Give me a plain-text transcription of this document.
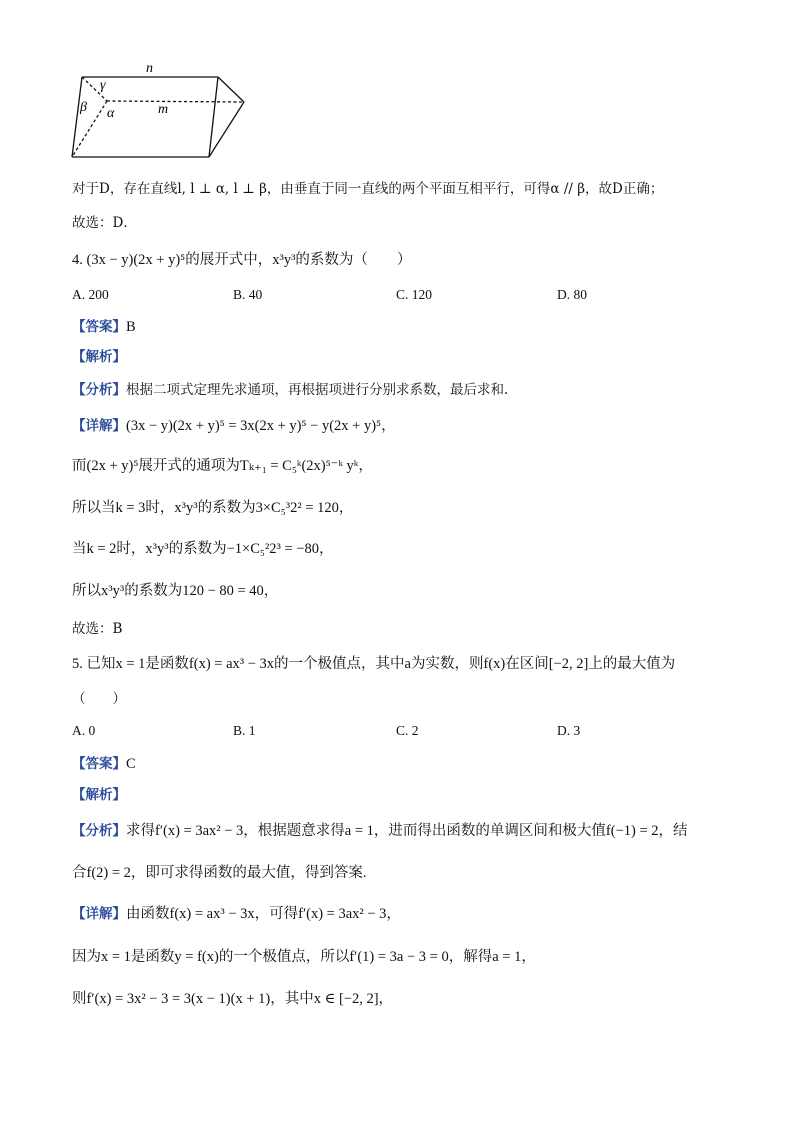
n
γ
β α	m
对于D，存在直线l, l ⊥ α, l ⊥ β，由垂直于同一直线的两个平面互相平行，可得α // β，故D正确；
故选：D．
4. (3x − y)(2x + y)⁵的展开式中，x³y³的系数为（　　）
A. 200	B. 40	C. 120	D. 80
【答案】B
【解析】
【分析】根据二项式定理先求通项，再根据项进行分别求系数，最后求和.
【详解】(3x − y)(2x + y)⁵ = 3x(2x + y)⁵ − y(2x + y)⁵，
而(2x + y)⁵展开式的通项为Tₖ₊₁ = C₅ᵏ(2x)⁵⁻ᵏ yᵏ，
所以当k = 3时，x³y³的系数为3×C₅³2² = 120，
当k = 2时，x³y³的系数为−1×C₅²2³ = −80，
所以x³y³的系数为120 − 80 = 40，
故选：B
5. 已知x = 1是函数f(x) = ax³ − 3x的一个极值点，其中a为实数，则f(x)在区间[−2, 2]上的最大值为
（　　）
A. 0	B. 1	C. 2	D. 3
【答案】C
【解析】
【分析】求得f′(x) = 3ax² − 3，根据题意求得a = 1，进而得出函数的单调区间和极大值f(−1) = 2，结
合f(2) = 2，即可求得函数的最大值，得到答案.
【详解】由函数f(x) = ax³ − 3x，可得f′(x) = 3ax² − 3，
因为x = 1是函数y = f(x)的一个极值点，所以f′(1) = 3a − 3 = 0，解得a = 1，
则f′(x) = 3x² − 3 = 3(x − 1)(x + 1)，其中x ∈ [−2, 2]，
